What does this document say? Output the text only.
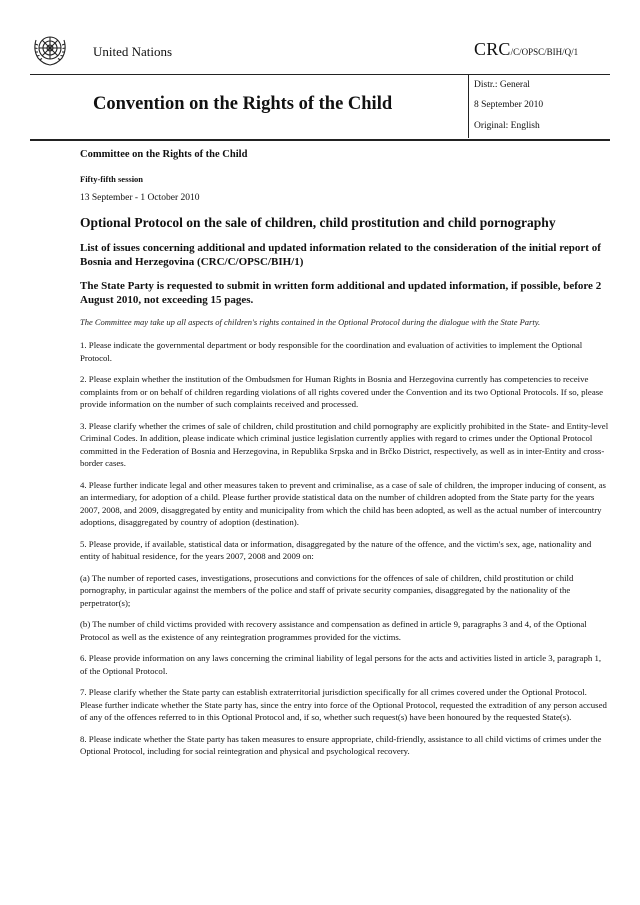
United Nations	CRC/C/OPSC/BIH/Q/1
Convention on the Rights of the Child
Distr.: General
8 September 2010
Original: English

Committee on the Rights of the Child

Fifty-fifth session

13 September - 1 October 2010

Optional Protocol on the sale of children, child prostitution and child pornography

List of issues concerning additional and updated information related to the consideration of the initial report of Bosnia and Herzegovina (CRC/C/OPSC/BIH/1)

The State Party is requested to submit in written form additional and updated information, if possible, before 2 August 2010, not exceeding 15 pages.

The Committee may take up all aspects of children's rights contained in the Optional Protocol during the dialogue with the State Party.

1. Please indicate the governmental department or body responsible for the coordination and evaluation of activities to implement the Optional Protocol.

2. Please explain whether the institution of the Ombudsmen for Human Rights in Bosnia and Herzegovina currently has competencies to receive complaints from or on behalf of children regarding violations of all rights covered under the Convention and its two Optional Protocols. If so, please provide information on the number of such complaints received and processed.

3. Please clarify whether the crimes of sale of children, child prostitution and child pornography are explicitly prohibited in the State- and Entity-level Criminal Codes. In addition, please indicate which criminal justice legislation currently applies with regard to crimes under the Optional Protocol committed in the Federation of Bosnia and Herzegovina, in Republika Srpska and in Brčko District, respectively, as well as in inter-Entity and cross-border cases.

4. Please further indicate legal and other measures taken to prevent and criminalise, as a case of sale of children, the improper inducing of consent, as an intermediary, for adoption of a child. Please further provide statistical data on the number of children adopted from the State party for the years 2007, 2008, and 2009, disaggregated by entity and municipality from which the child has been adopted, as well as the actual number of intercountry adoptions, disaggregated by country of adoption (destination).

5. Please provide, if available, statistical data or information, disaggregated by the nature of the offence, and the victim's sex, age, nationality and entity of habitual residence, for the years 2007, 2008 and 2009 on:

(a) The number of reported cases, investigations, prosecutions and convictions for the offences of sale of children, child prostitution or child pornography, in particular against the members of the police and staff of private security companies, disaggregated by the nationality of the perpetrator(s);

(b) The number of child victims provided with recovery assistance and compensation as defined in article 9, paragraphs 3 and 4, of the Optional Protocol as well as the existence of any reintegration programmes provided for the victims.

6. Please provide information on any laws concerning the criminal liability of legal persons for the acts and activities listed in article 3, paragraph 1, of the Optional Protocol.

7. Please clarify whether the State party can establish extraterritorial jurisdiction specifically for all crimes covered under the Optional Protocol. Please further indicate whether the State party has, since the entry into force of the Optional Protocol, requested the extradition of any person accused of any of the offences referred to in this Optional Protocol and, if so, whether such request(s) have been honoured by the requested State(s).

8. Please indicate whether the State party has taken measures to ensure appropriate, child-friendly, assistance to all child victims of crimes under the Optional Protocol, including for social reintegration and physical and psychological recovery.
